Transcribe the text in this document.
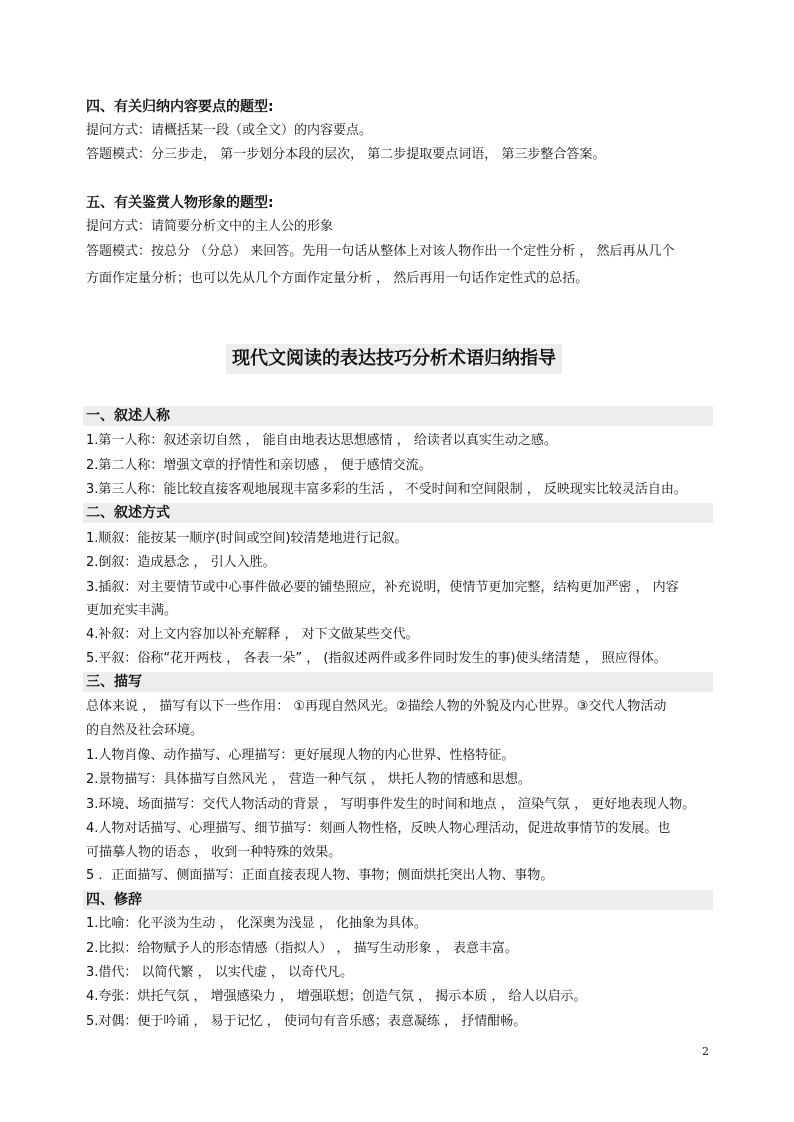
四、有关归纳内容要点的题型:
提问方式：请概括某一段（或全文）的内容要点。
答题模式：分三步走， 第一步划分本段的层次， 第二步提取要点词语， 第三步整合答案。
五、有关鉴赏人物形象的题型:
提问方式：请简要分析文中的主人公的形象
答题模式：按总分 （分总） 来回答。先用一句话从整体上对该人物作出一个定性分析 ， 然后再从几个
方面作定量分析；也可以先从几个方面作定量分析 ， 然后再用一句话作定性式的总括。
现代文阅读的表达技巧分析术语归纳指导
一、叙述人称
1.第一人称：叙述亲切自然 ， 能自由地表达思想感情 ， 给读者以真实生动之感。
2.第二人称：增强文章的抒情性和亲切感 ， 便于感情交流。
3.第三人称：能比较直接客观地展现丰富多彩的生活 ， 不受时间和空间限制 ， 反映现实比较灵活自由。
二、叙述方式
1.顺叙：能按某一顺序(时间或空间)较清楚地进行记叙。
2.倒叙：造成悬念 ， 引人入胜。
3.插叙：对主要情节或中心事件做必要的铺垫照应，补充说明，使情节更加完整，结构更加严密 ， 内容
更加充实丰满。
4.补叙：对上文内容加以补充解释 ， 对下文做某些交代。
5.平叙：俗称“花开两枝 ， 各表一朵” ， (指叙述两件或多件同时发生的事)使头绪清楚 ， 照应得体。
三、描写
总体来说 ， 描写有以下一些作用： ①再现自然风光。②描绘人物的外貌及内心世界。③交代人物活动
的自然及社会环境。
1.人物肖像、动作描写、心理描写：更好展现人物的内心世界、性格特征。
2.景物描写：具体描写自然风光 ， 营造一种气氛 ， 烘托人物的情感和思想。
3.环境、场面描写：交代人物活动的背景 ， 写明事件发生的时间和地点 ， 渲染气氛 ， 更好地表现人物。
4.人物对话描写、心理描写、细节描写：刻画人物性格，反映人物心理活动，促进故事情节的发展。也
可描摹人物的语态 ， 收到一种特殊的效果。
5 ．正面描写、侧面描写：正面直接表现人物、事物；侧面烘托突出人物、事物。
四、修辞
1.比喻：化平淡为生动 ， 化深奥为浅显 ， 化抽象为具体。
2.比拟：给物赋予人的形态情感（指拟人） ， 描写生动形象 ， 表意丰富。
3.借代： 以简代繁 ， 以实代虚 ， 以奇代凡。
4.夸张：烘托气氛 ， 增强感染力 ， 增强联想；创造气氛 ， 揭示本质 ， 给人以启示。
5.对偶：便于吟诵 ， 易于记忆 ， 使词句有音乐感；表意凝练 ， 抒情酣畅。
2
